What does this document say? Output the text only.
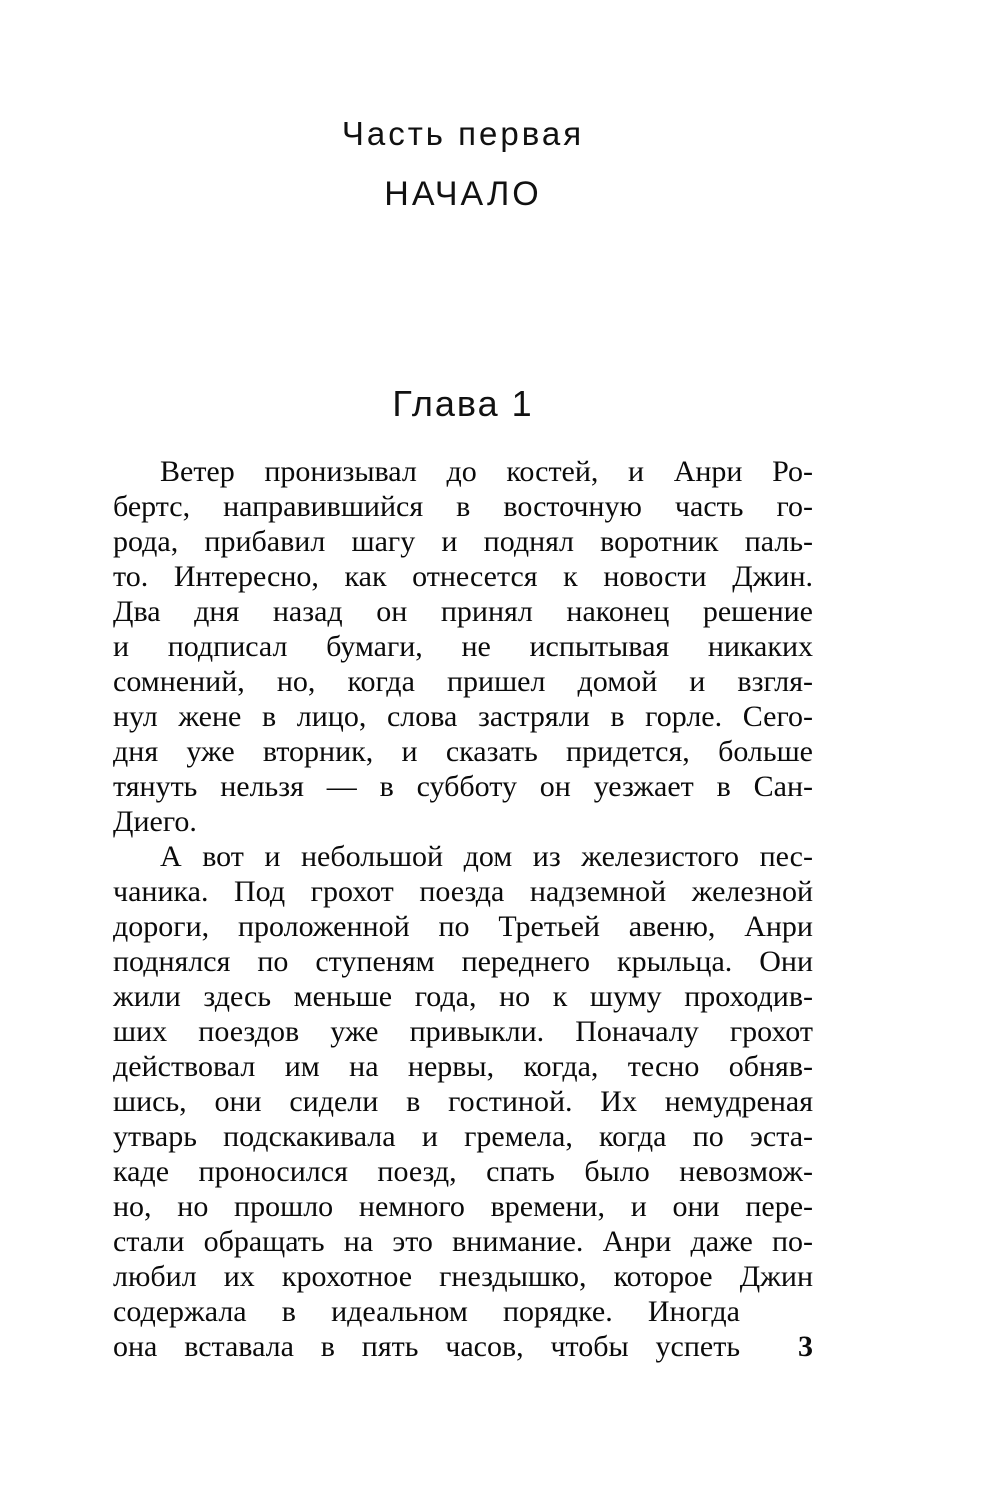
Часть первая
НАЧАЛО
Глава 1
3
Ветер пронизывал до костей, и Анри Ро-
бертс, направившийся в восточную часть го-
рода, прибавил шагу и поднял воротник паль-
то. Интересно, как отнесется к новости Джин.
Два дня назад он принял наконец решение
и подписал бумаги, не испытывая никаких
сомнений, но, когда пришел домой и взгля-
нул жене в лицо, слова застряли в горле. Сего-
дня уже вторник, и сказать придется, больше
тянуть нельзя — в субботу он уезжает в Сан-
Диего.
А вот и небольшой дом из железистого пес-
чаника. Под грохот поезда надземной железной
дороги, проложенной по Третьей авеню, Анри
поднялся по ступеням переднего крыльца. Они
жили здесь меньше года, но к шуму проходив-
ших поездов уже привыкли. Поначалу грохот
действовал им на нервы, когда, тесно обняв-
шись, они сидели в гостиной. Их немудреная
утварь подскакивала и гремела, когда по эста-
каде проносился поезд, спать было невозмож-
но, но прошло немного времени, и они пере-
стали обращать на это внимание. Анри даже по-
любил их крохотное гнездышко, которое Джин
содержала в идеальном порядке. Иногда
она вставала в пять часов, чтобы успеть
